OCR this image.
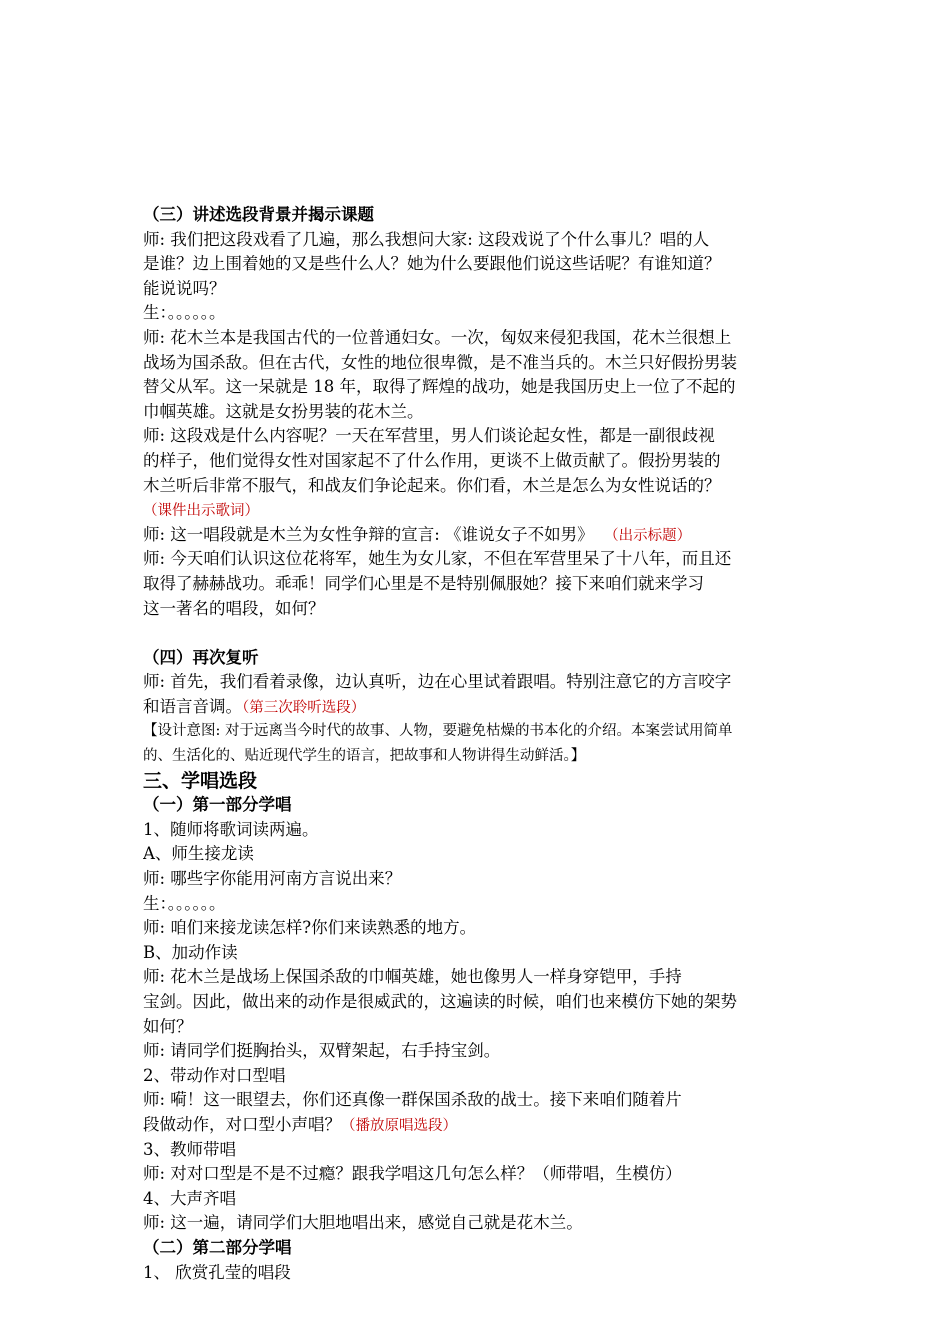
（三）讲述选段背景并揭示课题
师: 我们把这段戏看了几遍，那么我想问大家: 这段戏说了个什么事儿？唱的人
是谁？边上围着她的又是些什么人？她为什么要跟他们说这些话呢？有谁知道？
能说说吗？
生：。。。。。。
师: 花木兰本是我国古代的一位普通妇女。一次，匈奴来侵犯我国，花木兰很想上
战场为国杀敌。但在古代，女性的地位很卑微，是不准当兵的。木兰只好假扮男装
替父从军。这一呆就是 18 年，取得了辉煌的战功，她是我国历史上一位了不起的
巾帼英雄。这就是女扮男装的花木兰。
师: 这段戏是什么内容呢？一天在军营里，男人们谈论起女性，都是一副很歧视
的样子，他们觉得女性对国家起不了什么作用，更谈不上做贡献了。假扮男装的
木兰听后非常不服气，和战友们争论起来。你们看，木兰是怎么为女性说话的？
（课件出示歌词）
师: 这一唱段就是木兰为女性争辩的宣言: 《谁说女子不如男》 （出示标题）
师: 今天咱们认识这位花将军，她生为女儿家，不但在军营里呆了十八年，而且还
取得了赫赫战功。乖乖！同学们心里是不是特别佩服她？接下来咱们就来学习
这一著名的唱段，如何？
（四）再次复听
师: 首先，我们看着录像，边认真听，边在心里试着跟唱。特别注意它的方言咬字
和语言音调。（第三次聆听选段）
【设计意图: 对于远离当今时代的故事、人物，要避免枯燥的书本化的介绍。本案尝试用简单
的、生活化的、贴近现代学生的语言，把故事和人物讲得生动鲜活。】
三、学唱选段
（一）第一部分学唱
1、随师将歌词读两遍。
A、师生接龙读
师: 哪些字你能用河南方言说出来？
生：。。。。。。
师: 咱们来接龙读怎样?你们来读熟悉的地方。
B、加动作读
师: 花木兰是战场上保国杀敌的巾帼英雄，她也像男人一样身穿铠甲，手持
宝剑。因此，做出来的动作是很威武的，这遍读的时候，咱们也来模仿下她的架势
如何？
师: 请同学们挺胸抬头，双臂架起，右手持宝剑。
2、带动作对口型唱
师: 嗬！这一眼望去，你们还真像一群保国杀敌的战士。接下来咱们随着片
段做动作，对口型小声唱？（播放原唱选段）
3、教师带唱
师: 对对口型是不是不过瘾？跟我学唱这几句怎么样？（师带唱，生模仿）
4、大声齐唱
师: 这一遍，请同学们大胆地唱出来，感觉自己就是花木兰。
（二）第二部分学唱
1、 欣赏孔莹的唱段
